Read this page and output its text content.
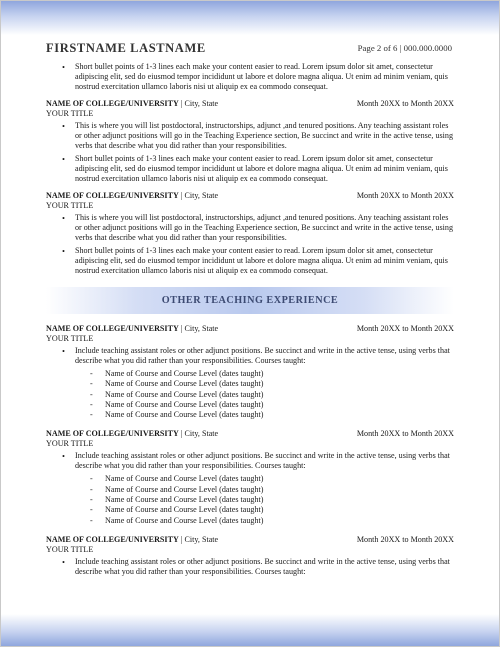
FIRSTNAME LASTNAME	Page 2 of 6 | 000.000.0000
• Short bullet points of 1-3 lines each make your content easier to read. Lorem ipsum dolor sit amet, consectetur adipiscing elit, sed do eiusmod tempor incididunt ut labore et dolore magna aliqua. Ut enim ad minim veniam, quis nostrud exercitation ullamco laboris nisi ut aliquip ex ea commodo consequat.
NAME OF COLLEGE/UNIVERSITY | City, State	Month 20XX to Month 20XX
YOUR TITLE
• This is where you will list postdoctoral, instructorships, adjunct ,and tenured positions. Any teaching assistant roles or other adjunct positions will go in the Teaching Experience section, Be succinct and write in the active tense, using verbs that describe what you did rather than your responsibilities.
• Short bullet points of 1-3 lines each make your content easier to read. Lorem ipsum dolor sit amet, consectetur adipiscing elit, sed do eiusmod tempor incididunt ut labore et dolore magna aliqua. Ut enim ad minim veniam, quis nostrud exercitation ullamco laboris nisi ut aliquip ex ea commodo consequat.
NAME OF COLLEGE/UNIVERSITY | City, State	Month 20XX to Month 20XX
YOUR TITLE
• This is where you will list postdoctoral, instructorships, adjunct ,and tenured positions. Any teaching assistant roles or other adjunct positions will go in the Teaching Experience section, Be succinct and write in the active tense, using verbs that describe what you did rather than your responsibilities.
• Short bullet points of 1-3 lines each make your content easier to read. Lorem ipsum dolor sit amet, consectetur adipiscing elit, sed do eiusmod tempor incididunt ut labore et dolore magna aliqua. Ut enim ad minim veniam, quis nostrud exercitation ullamco laboris nisi ut aliquip ex ea commodo consequat.
OTHER TEACHING EXPERIENCE
NAME OF COLLEGE/UNIVERSITY | City, State	Month 20XX to Month 20XX
YOUR TITLE
• Include teaching assistant roles or other adjunct positions. Be succinct and write in the active tense, using verbs that describe what you did rather than your responsibilities. Courses taught:
- Name of Course and Course Level (dates taught)
- Name of Course and Course Level (dates taught)
- Name of Course and Course Level (dates taught)
- Name of Course and Course Level (dates taught)
- Name of Course and Course Level (dates taught)
NAME OF COLLEGE/UNIVERSITY | City, State	Month 20XX to Month 20XX
YOUR TITLE
• Include teaching assistant roles or other adjunct positions. Be succinct and write in the active tense, using verbs that describe what you did rather than your responsibilities. Courses taught:
- Name of Course and Course Level (dates taught)
- Name of Course and Course Level (dates taught)
- Name of Course and Course Level (dates taught)
- Name of Course and Course Level (dates taught)
- Name of Course and Course Level (dates taught)
NAME OF COLLEGE/UNIVERSITY | City, State	Month 20XX to Month 20XX
YOUR TITLE
• Include teaching assistant roles or other adjunct positions. Be succinct and write in the active tense, using verbs that describe what you did rather than your responsibilities. Courses taught:
